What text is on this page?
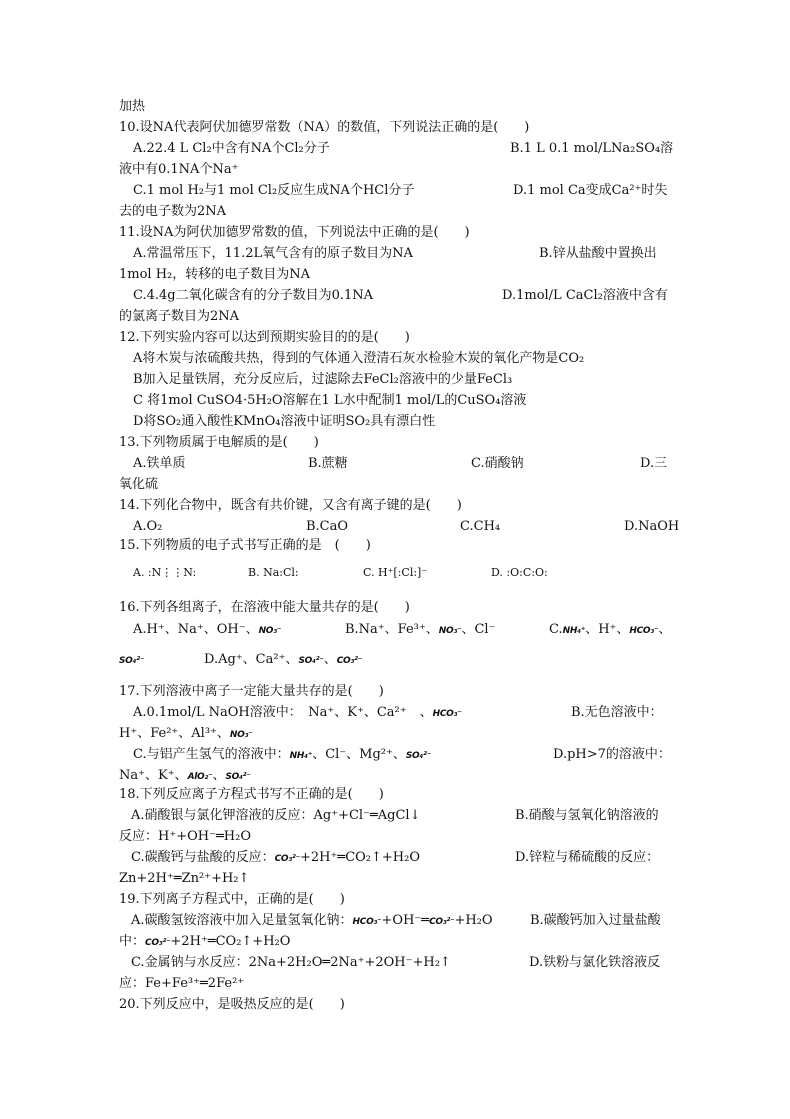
加热
10.设NA代表阿伏加德罗常数（NA）的数值，下列说法正确的是(　　)
A.22.4 L Cl₂中含有NA个Cl₂分子	B.1 L 0.1 mol/LNa₂SO₄溶
液中有0.1NA个Na⁺
C.1 mol H₂与1 mol Cl₂反应生成NA个HCl分子	D.1 mol Ca变成Ca²⁺时失
去的电子数为2NA
11.设NA为阿伏加德罗常数的值，下列说法中正确的是(　　)
A.常温常压下，11.2L氧气含有的原子数目为NA	B.锌从盐酸中置换出
1mol H₂，转移的电子数目为NA
C.4.4g二氧化碳含有的分子数目为0.1NA	D.1mol/L CaCl₂溶液中含有
的氯离子数目为2NA
12.下列实验内容可以达到预期实验目的的是(　　)
A将木炭与浓硫酸共热，得到的气体通入澄清石灰水检验木炭的氧化产物是CO₂
B加入足量铁屑，充分反应后，过滤除去FeCl₂溶液中的少量FeCl₃
C 将1mol CuSO4·5H₂O溶解在1 L水中配制1 mol/L的CuSO₄溶液
D将SO₂通入酸性KMnO₄溶液中证明SO₂具有漂白性
13.下列物质属于电解质的是(　　)
A.铁单质	B.蔗糖	C.硝酸钠	D.三
氧化硫
14.下列化合物中，既含有共价键，又含有离子键的是(　　)
A.O₂	B.CaO	C.CH₄	D.NaOH
15.下列物质的电子式书写正确的是　(　　)
A. :N⋮⋮N:	B. Na:Cl:	C. H⁺[:Cl:]⁻	D. :O:C:O:
16.下列各组离子，在溶液中能大量共存的是(　　)
A.H⁺、Na⁺、OH⁻、NO₃⁻	B.Na⁺、Fe³⁺、NO₃⁻、Cl⁻	C.NH₄⁺、H⁺、HCO₃⁻、
SO₄²⁻	D.Ag⁺、Ca²⁺、SO₄²⁻、CO₃²⁻
17.下列溶液中离子一定能大量共存的是(　　)
A.0.1mol/L NaOH溶液中：　Na⁺、K⁺、Ca²⁺　、HCO₃⁻	B.无色溶液中：
H⁺、Fe²⁺、Al³⁺、NO₃⁻
C.与铝产生氢气的溶液中：NH₄⁺、Cl⁻、Mg²⁺、SO₄²⁻	D.pH>7的溶液中：
Na⁺、K⁺、AlO₂⁻、SO₄²⁻
18.下列反应离子方程式书写不正确的是(　　)
A.硝酸银与氯化钾溶液的反应：Ag⁺+Cl⁻═AgCl↓	B.硝酸与氢氧化钠溶液的
反应：H⁺+OH⁻═H₂O
C.碳酸钙与盐酸的反应：CO₃²⁻+2H⁺═CO₂↑+H₂O	D.锌粒与稀硫酸的反应：
Zn+2H⁺═Zn²⁺+H₂↑
19.下列离子方程式中，正确的是(　　)
A.碳酸氢铵溶液中加入足量氢氧化钠：HCO₃⁻+OH⁻═CO₃²⁻+H₂O	B.碳酸钙加入过量盐酸
中：CO₃²⁻+2H⁺═CO₂↑+H₂O
C.金属钠与水反应：2Na+2H₂O═2Na⁺+2OH⁻+H₂↑	D.铁粉与氯化铁溶液反
应：Fe+Fe³⁺═2Fe²⁺
20.下列反应中，是吸热反应的是(　　)
